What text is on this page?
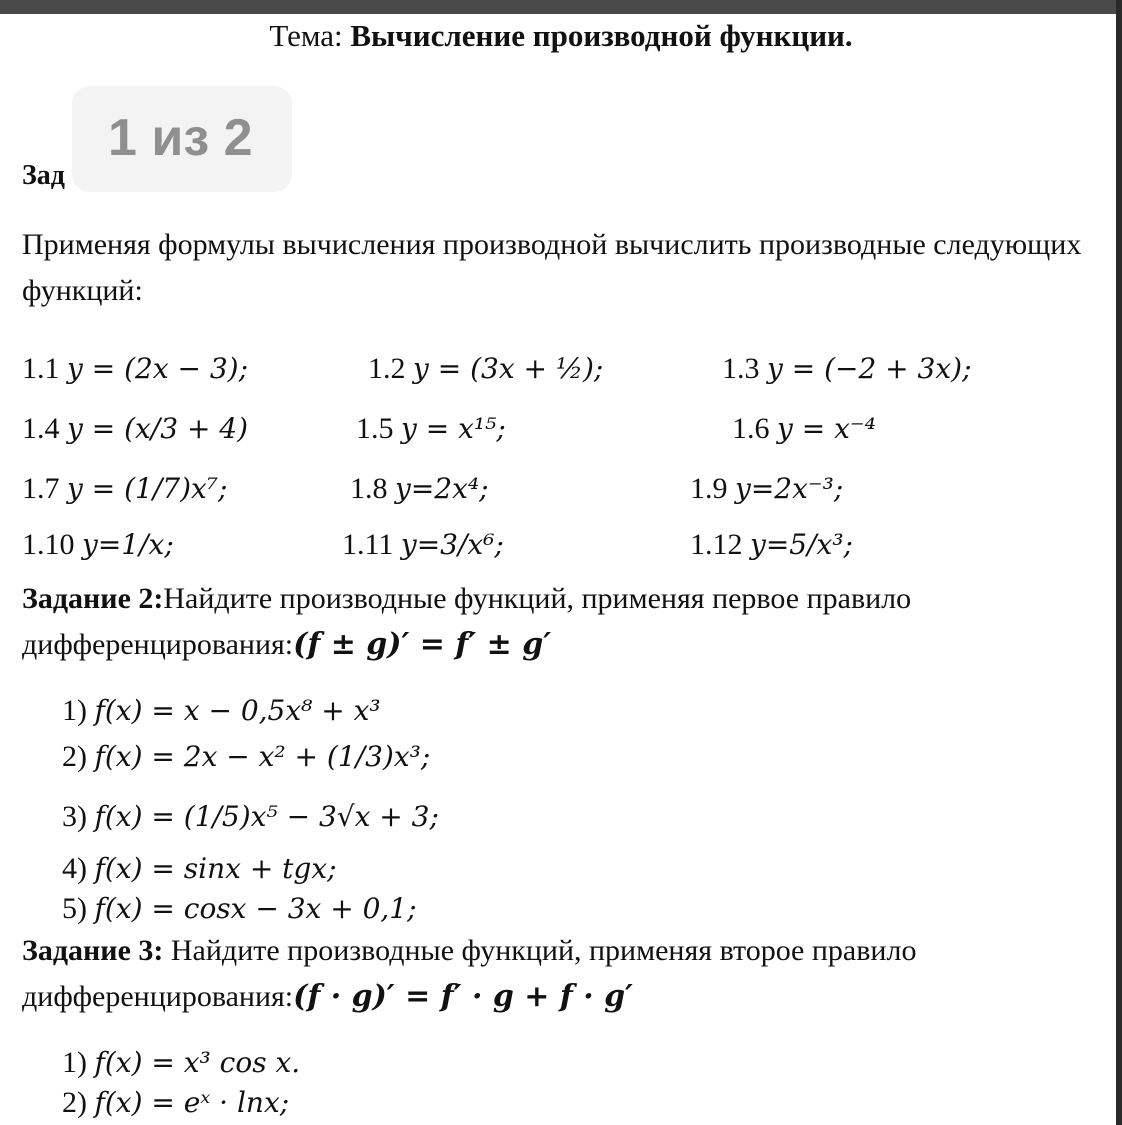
Тема: Вычисление производной функции.
Зад
1 из 2
Применяя формулы вычисления производной вычислить производные следующих функций:
1.1 y = (2x − 3);	1.2 y = (3x + ½);	1.3 y = (−2 + 3x);
1.4 y = (x/3 + 4)	1.5 y = x¹⁵;	1.6 y = x⁻⁴
1.7 y = (1/7)x⁷;	1.8 y=2x⁴;	1.9 y=2x⁻³;
1.10 y=1/x;	1.11 y=3/x⁶;	1.12 y=5/x³;
Задание 2:Найдите производные функций, применяя первое правило
дифференцирования:(f ± g)′ = f′ ± g′
1) f(x) = x − 0,5x⁸ + x³
2) f(x) = 2x − x² + (1/3)x³;
3) f(x) = (1/5)x⁵ − 3√x + 3;
4) f(x) = sinx + tgx;
5) f(x) = cosx − 3x + 0,1;
Задание 3: Найдите производные функций, применяя второе правило
дифференцирования:(f · g)′ = f′ · g + f · g′
1) f(x) = x³ cos x.
2) f(x) = eˣ · lnx;
